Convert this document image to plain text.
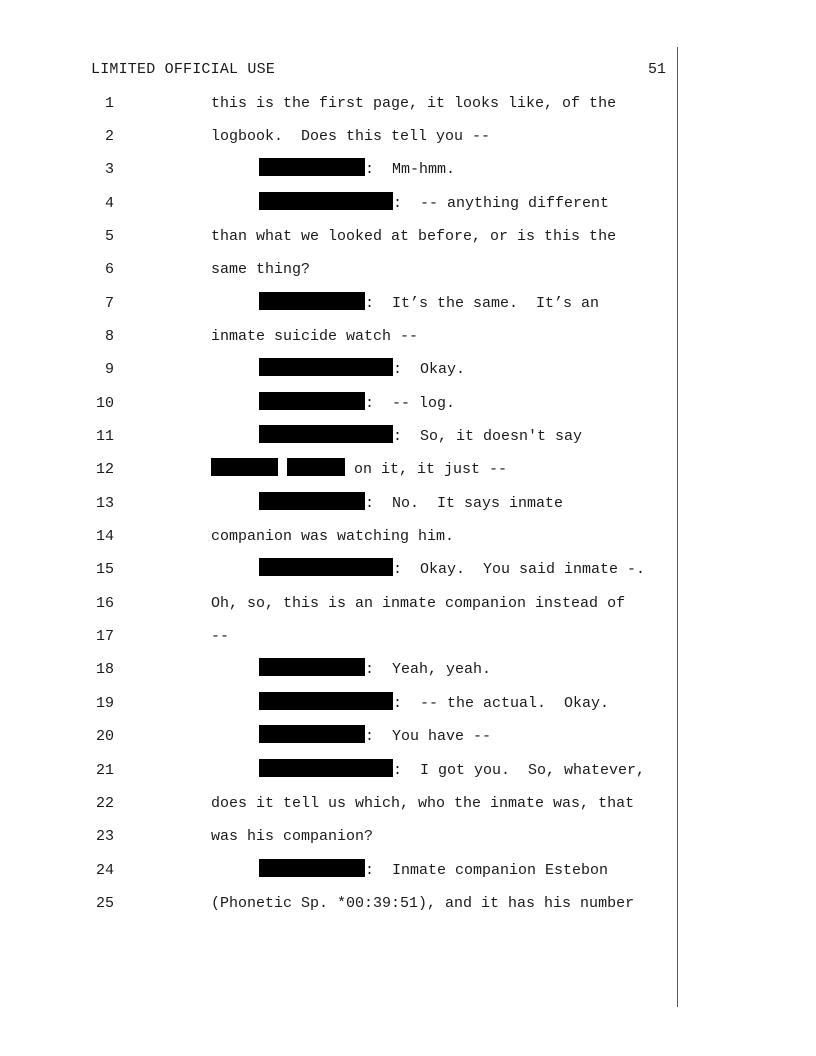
LIMITED OFFICIAL USE	51
1	this is the first page, it looks like, of the
2	logbook.  Does this tell you --
3	:  Mm-hmm.
4	:  -- anything different
5	than what we looked at before, or is this the
6	same thing?
7	:  It’s the same.  It’s an
8	inmate suicide watch --
9	:  Okay.
10	:  -- log.
11	:  So, it doesn't say
12	on it, it just --
13	:  No.  It says inmate
14	companion was watching him.
15	:  Okay.  You said inmate -.
16	Oh, so, this is an inmate companion instead of
17	--
18	:  Yeah, yeah.
19	:  -- the actual.  Okay.
20	:  You have --
21	:  I got you.  So, whatever,
22	does it tell us which, who the inmate was, that
23	was his companion?
24	:  Inmate companion Estebon
25	(Phonetic Sp. *00:39:51), and it has his number
